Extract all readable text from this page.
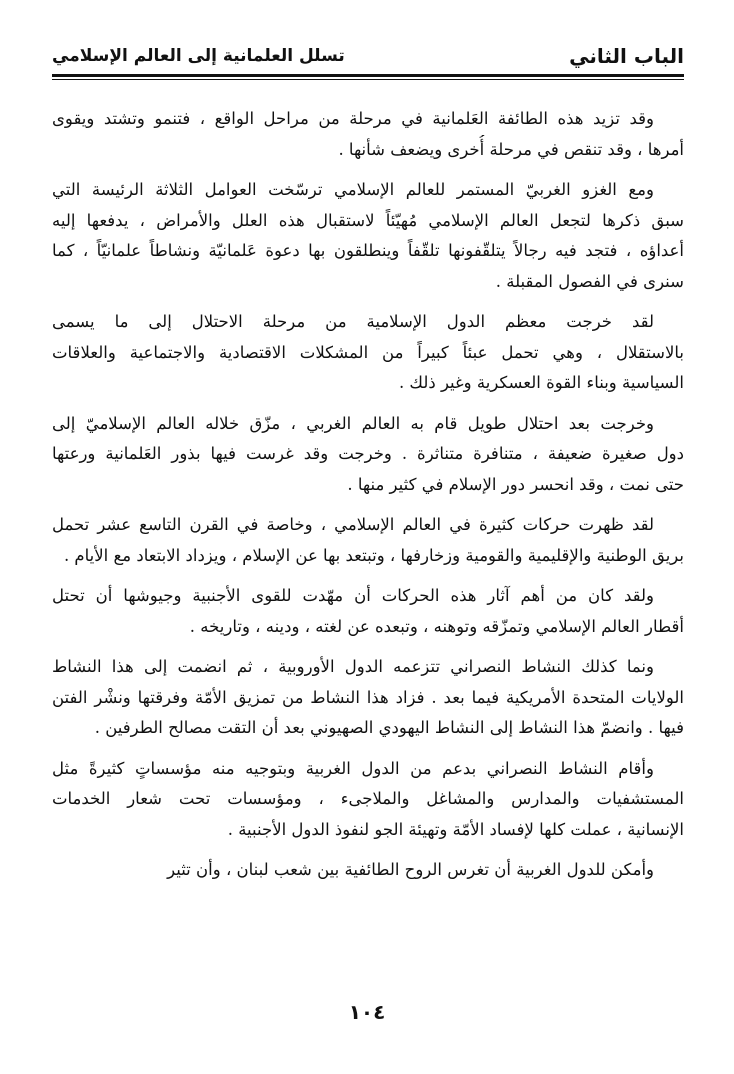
الباب الثاني
تسلل العلمانية إلى العالم الإسلامي
وقد تزيد هذه الطائفة العَلمانية في مرحلة من مراحل الواقع ، فتنمو وتشتد ويقوى
أمرها ، وقد تنقص في مرحلة أُخرى ويضعف شأنها .
ومع الغزو الغربيّ المستمر للعالم الإسلامي ترسّخت العوامل الثلاثة الرئيسة التي
سبق ذكرها لتجعل العالم الإسلامي مُهيّئاً لاستقبال هذه العلل والأمراض ، يدفعها إليه
أعداؤه ، فتجد فيه رجالاً يتلقّفونها تلقّفاً وينطلقون بها دعوة عَلمانيّة ونشاطاً علمانيّاً ، كما
سنرى في الفصول المقبلة .
لقد خرجت معظم الدول الإسلامية من مرحلة الاحتلال إلى ما يسمى
بالاستقلال ، وهي تحمل عبئاً كبيراً من المشكلات الاقتصادية والاجتماعية والعلاقات
السياسية وبناء القوة العسكرية وغير ذلك .
وخرجت بعد احتلال طويل قام به العالم الغربي ، مزّق خلاله العالم الإسلاميّ إلى
دول صغيرة ضعيفة ، متنافرة متناثرة . وخرجت وقد غرست فيها بذور العَلمانية ورعتها
حتى نمت ، وقد انحسر دور الإسلام في كثير منها .
لقد ظهرت حركات كثيرة في العالم الإسلامي ، وخاصة في القرن التاسع عشر تحمل
بريق الوطنية والإقليمية والقومية وزخارفها ، وتبتعد بها عن الإسلام ، ويزداد الابتعاد مع الأيام .
ولقد كان من أهم آثار هذه الحركات أن مهّدت للقوى الأجنبية وجيوشها أن تحتل
أقطار العالم الإسلامي وتمزّقه وتوهنه ، وتبعده عن لغته ، ودينه ، وتاريخه .
ونما كذلك النشاط النصراني تتزعمه الدول الأوروبية ، ثم انضمت إلى هذا النشاط
الولايات المتحدة الأمريكية فيما بعد . فزاد هذا النشاط من تمزيق الأمّة وفرقتها ونشْر الفتن
فيها . وانضمّ هذا النشاط إلى النشاط اليهودي الصهيوني بعد أن التقت مصالح الطرفين .
وأقام النشاط النصراني بدعم من الدول الغربية وبتوجيه منه مؤسساتٍ كثيرةً مثل
المستشفيات والمدارس والمشاغل والملاجىء ، ومؤسسات تحت شعار الخدمات
الإنسانية ، عملت كلها لإفساد الأمّة وتهيئة الجو لنفوذ الدول الأجنبية .
وأمكن للدول الغربية أن تغرس الروح الطائفية بين شعب لبنان ، وأن تثير
١٠٤
